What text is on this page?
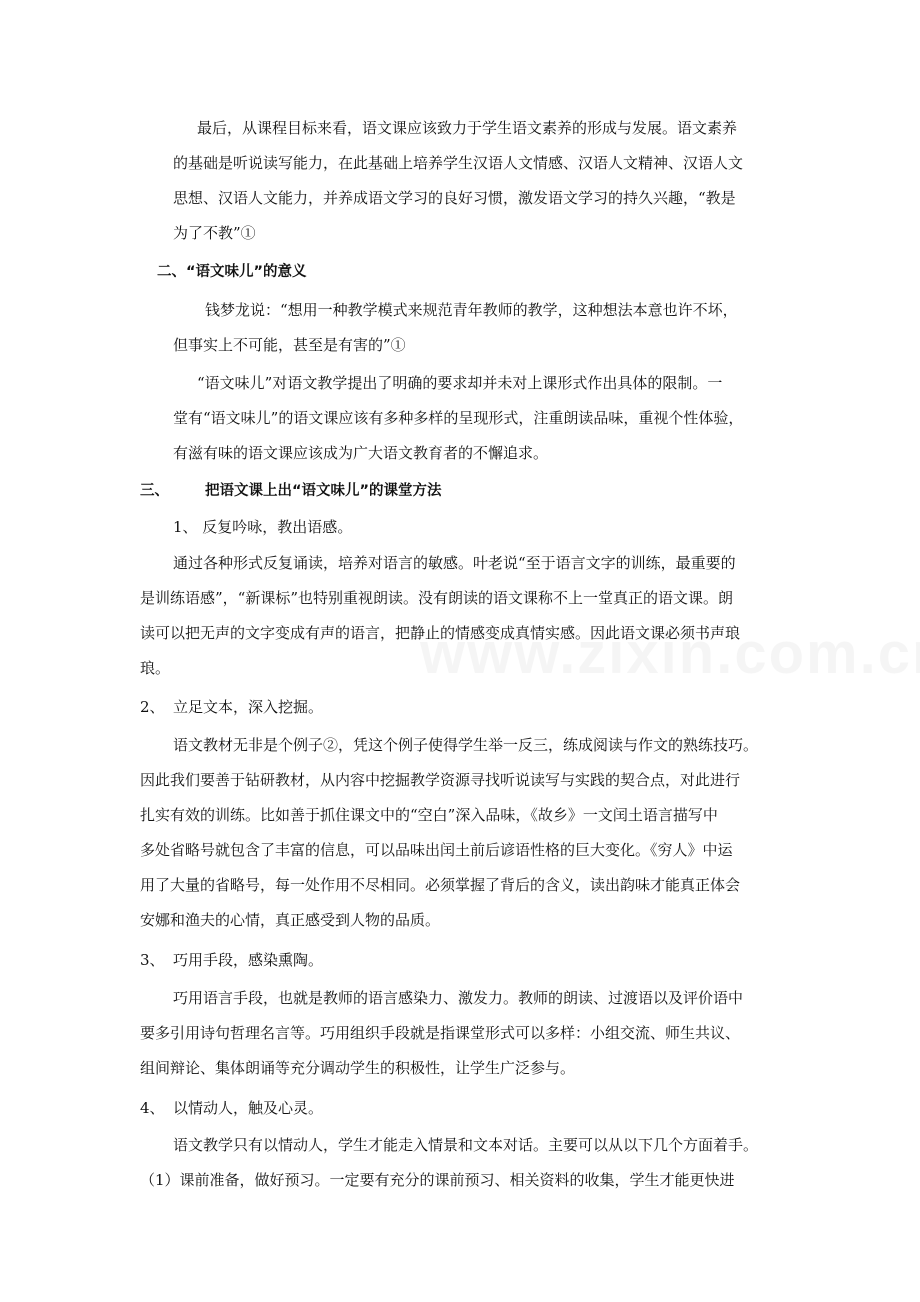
最后，从课程目标来看，语文课应该致力于学生语文素养的形成与发展。语文素养
的基础是听说读写能力，在此基础上培养学生汉语人文情感、汉语人文精神、汉语人文
思想、汉语人文能力，并养成语文学习的良好习惯，激发语文学习的持久兴趣，“教是
为了不教”①
二、“语文味儿”的意义
钱梦龙说：“想用一种教学模式来规范青年教师的教学，这种想法本意也许不坏，
但事实上不可能，甚至是有害的”①
“语文味儿”对语文教学提出了明确的要求却并未对上课形式作出具体的限制。一
堂有“语文味儿”的语文课应该有多种多样的呈现形式，注重朗读品味，重视个性体验，
有滋有味的语文课应该成为广大语文教育者的不懈追求。
三、	把语文课上出“语文味儿”的课堂方法
1、 反复吟咏，教出语感。
通过各种形式反复诵读，培养对语言的敏感。叶老说“至于语言文字的训练，最重要的
是训练语感”，“新课标”也特别重视朗读。没有朗读的语文课称不上一堂真正的语文课。朗
读可以把无声的文字变成有声的语言，把静止的情感变成真情实感。因此语文课必须书声琅
琅。
2、 立足文本，深入挖掘。
语文教材无非是个例子②，凭这个例子使得学生举一反三，练成阅读与作文的熟练技巧。
因此我们要善于钻研教材，从内容中挖掘教学资源寻找听说读写与实践的契合点，对此进行
扎实有效的训练。比如善于抓住课文中的“空白”深入品味，《故乡》一文闰土语言描写中
多处省略号就包含了丰富的信息，可以品味出闰土前后谚语性格的巨大变化。《穷人》中运
用了大量的省略号，每一处作用不尽相同。必须掌握了背后的含义，读出韵味才能真正体会
安娜和渔夫的心情，真正感受到人物的品质。
3、 巧用手段，感染熏陶。
巧用语言手段，也就是教师的语言感染力、激发力。教师的朗读、过渡语以及评价语中
要多引用诗句哲理名言等。巧用组织手段就是指课堂形式可以多样：小组交流、师生共议、
组间辩论、集体朗诵等充分调动学生的积极性，让学生广泛参与。
4、 以情动人，触及心灵。
语文教学只有以情动人，学生才能走入情景和文本对话。主要可以从以下几个方面着手。
（1）课前准备，做好预习。一定要有充分的课前预习、相关资料的收集，学生才能更快进
